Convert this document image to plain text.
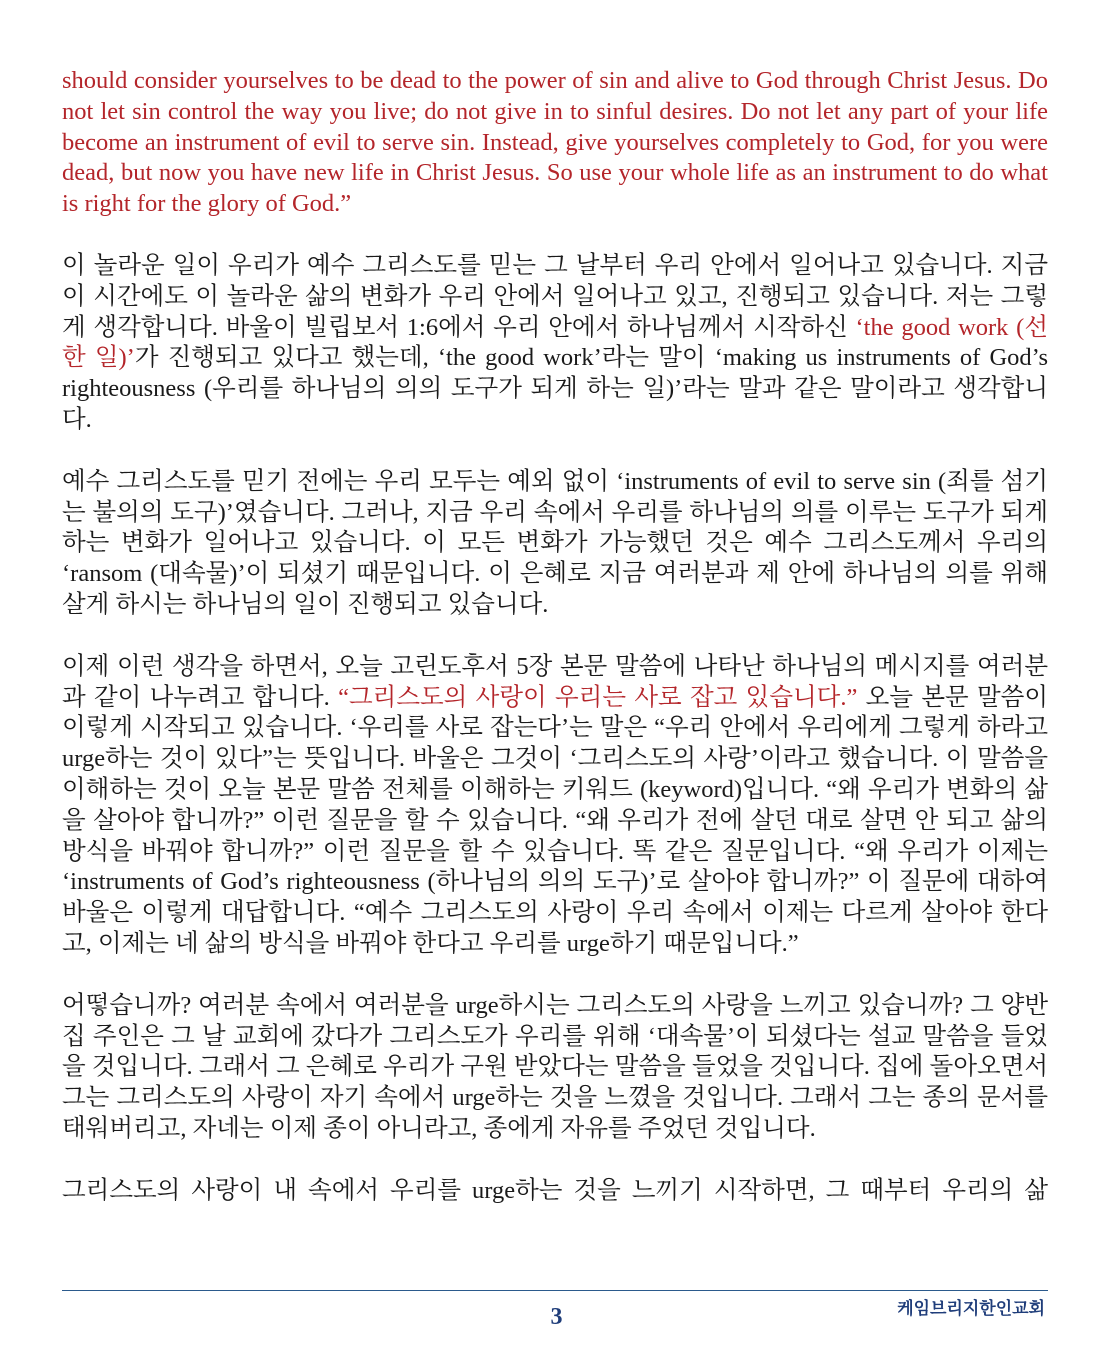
should consider yourselves to be dead to the power of sin and alive to God through Christ Jesus. Do not let sin control the way you live; do not give in to sinful desires. Do not let any part of your life become an instrument of evil to serve sin. Instead, give yourselves completely to God, for you were dead, but now you have new life in Christ Jesus. So use your whole life as an instrument to do what is right for the glory of God.”

이 놀라운 일이 우리가 예수 그리스도를 믿는 그 날부터 우리 안에서 일어나고 있습니다. 지금 이 시간에도 이 놀라운 삶의 변화가 우리 안에서 일어나고 있고, 진행되고 있습니다. 저는 그렇게 생각합니다. 바울이 빌립보서 1:6에서 우리 안에서 하나님께서 시작하신 ‘the good work (선한 일)’가 진행되고 있다고 했는데, ‘the good work’라는 말이 ‘making us instruments of God’s righteousness (우리를 하나님의 의의 도구가 되게 하는 일)’라는 말과 같은 말이라고 생각합니다.

예수 그리스도를 믿기 전에는 우리 모두는 예외 없이 ‘instruments of evil to serve sin (죄를 섬기는 불의의 도구)’였습니다. 그러나, 지금 우리 속에서 우리를 하나님의 의를 이루는 도구가 되게 하는 변화가 일어나고 있습니다. 이 모든 변화가 가능했던 것은 예수 그리스도께서 우리의 ‘ransom (대속물)’이 되셨기 때문입니다. 이 은혜로 지금 여러분과 제 안에 하나님의 의를 위해 살게 하시는 하나님의 일이 진행되고 있습니다.

이제 이런 생각을 하면서, 오늘 고린도후서 5장 본문 말씀에 나타난 하나님의 메시지를 여러분과 같이 나누려고 합니다. “그리스도의 사랑이 우리는 사로 잡고 있습니다.” 오늘 본문 말씀이 이렇게 시작되고 있습니다. ‘우리를 사로 잡는다’는 말은 “우리 안에서 우리에게 그렇게 하라고 urge하는 것이 있다”는 뜻입니다. 바울은 그것이 ‘그리스도의 사랑’이라고 했습니다. 이 말씀을 이해하는 것이 오늘 본문 말씀 전체를 이해하는 키워드 (keyword)입니다. “왜 우리가 변화의 삶을 살아야 합니까?” 이런 질문을 할 수 있습니다. “왜 우리가 전에 살던 대로 살면 안 되고 삶의 방식을 바꿔야 합니까?” 이런 질문을 할 수 있습니다. 똑 같은 질문입니다. “왜 우리가 이제는 ‘instruments of God’s righteousness (하나님의 의의 도구)’로 살아야 합니까?” 이 질문에 대하여 바울은 이렇게 대답합니다. “예수 그리스도의 사랑이 우리 속에서 이제는 다르게 살아야 한다고, 이제는 네 삶의 방식을 바꿔야 한다고 우리를 urge하기 때문입니다.”

어떻습니까? 여러분 속에서 여러분을 urge하시는 그리스도의 사랑을 느끼고 있습니까? 그 양반 집 주인은 그 날 교회에 갔다가 그리스도가 우리를 위해 ‘대속물’이 되셨다는 설교 말씀을 들었을 것입니다. 그래서 그 은혜로 우리가 구원 받았다는 말씀을 들었을 것입니다. 집에 돌아오면서 그는 그리스도의 사랑이 자기 속에서 urge하는 것을 느꼈을 것입니다. 그래서 그는 종의 문서를 태워버리고, 자네는 이제 종이 아니라고, 종에게 자유를 주었던 것입니다.

그리스도의 사랑이 내 속에서 우리를 urge하는 것을 느끼기 시작하면, 그 때부터 우리의 삶

3	케임브리지한인교회
